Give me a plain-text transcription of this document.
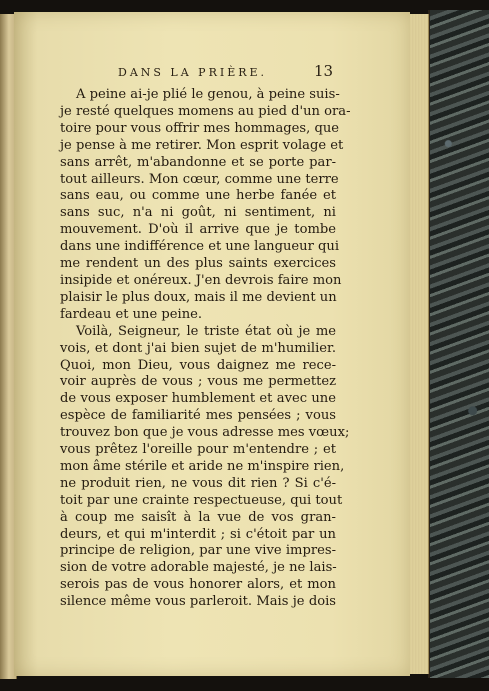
DANS LA PRIÈRE.	13
A peine ai-je plié le genou, à peine suis-
je resté quelques momens au pied d'un ora-
toire pour vous offrir mes hommages, que
je pense à me retirer. Mon esprit volage et
sans arrêt, m'abandonne et se porte par-
tout ailleurs. Mon cœur, comme une terre
sans eau, ou comme une herbe fanée et
sans suc, n'a ni goût, ni sentiment, ni
mouvement. D'où il arrive que je tombe
dans une indifférence et une langueur qui
me rendent un des plus saints exercices
insipide et onéreux. J'en devrois faire mon
plaisir le plus doux, mais il me devient un
fardeau et une peine.
Voilà, Seigneur, le triste état où je me
vois, et dont j'ai bien sujet de m'humilier.
Quoi, mon Dieu, vous daignez me rece-
voir auprès de vous ; vous me permettez
de vous exposer humblement et avec une
espèce de familiarité mes pensées ; vous
trouvez bon que je vous adresse mes vœux;
vous prêtez l'oreille pour m'entendre ; et
mon âme stérile et aride ne m'inspire rien,
ne produit rien, ne vous dit rien ? Si c'é-
toit par une crainte respectueuse, qui tout
à coup me saisît à la vue de vos gran-
deurs, et qui m'interdit ; si c'étoit par un
principe de religion, par une vive impres-
sion de votre adorable majesté, je ne lais-
serois pas de vous honorer alors, et mon
silence même vous parleroit. Mais je dois
